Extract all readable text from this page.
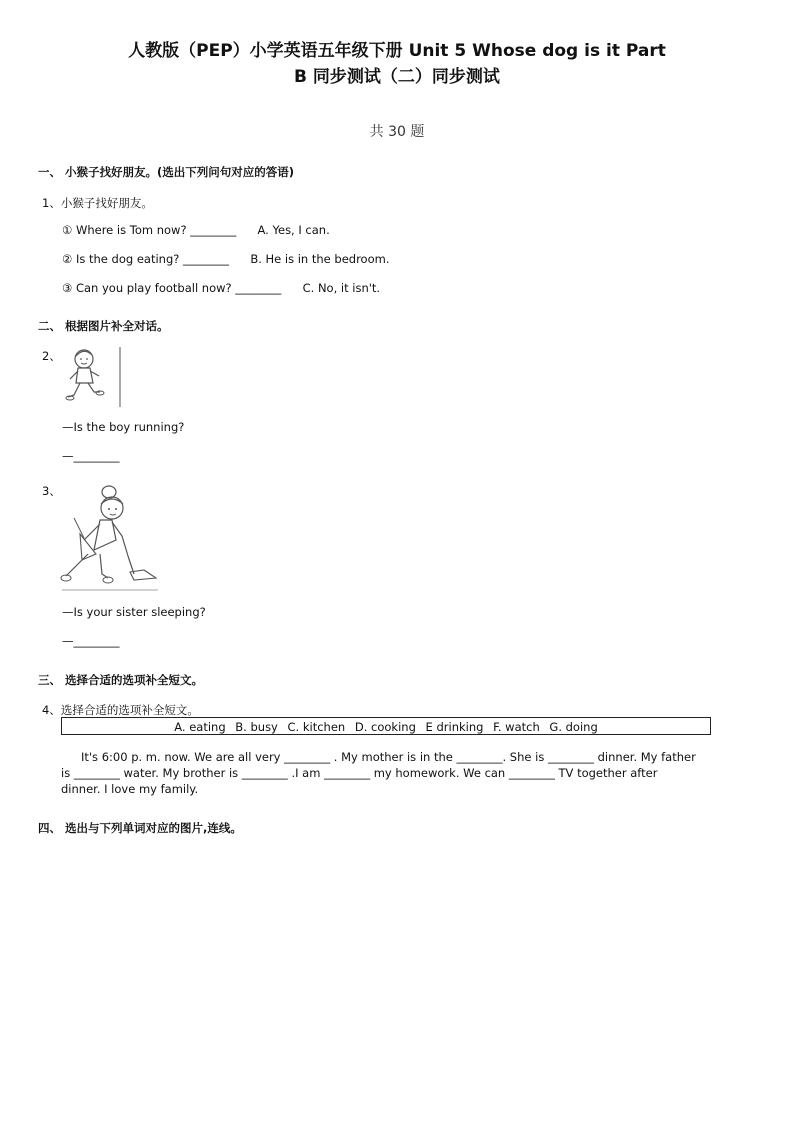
人教版（PEP）小学英语五年级下册 Unit 5 Whose dog is it Part
B 同步测试（二）同步测试
共 30 题
一、 小猴子找好朋友。(选出下列问句对应的答语)
1、小猴子找好朋友。
① Where is Tom now? ________ A. Yes, I can.
② Is the dog eating? ________ B. He is in the bedroom.
③ Can you play football now? ________ C. No, it isn't.
二、 根据图片补全对话。
2、
—Is the boy running?
—________
3、
—Is your sister sleeping?
—________
三、 选择合适的选项补全短文。
4、选择合适的选项补全短文。
A. eating B. busy C. kitchen D. cooking E drinking F. watch G. doing
It's 6:00 p. m. now. We are all very ________ . My mother is in the ________. She is ________ dinner. My father
is ________ water. My brother is ________ .I am ________ my homework. We can ________ TV together after
dinner. I love my family.
四、 选出与下列单词对应的图片,连线。
